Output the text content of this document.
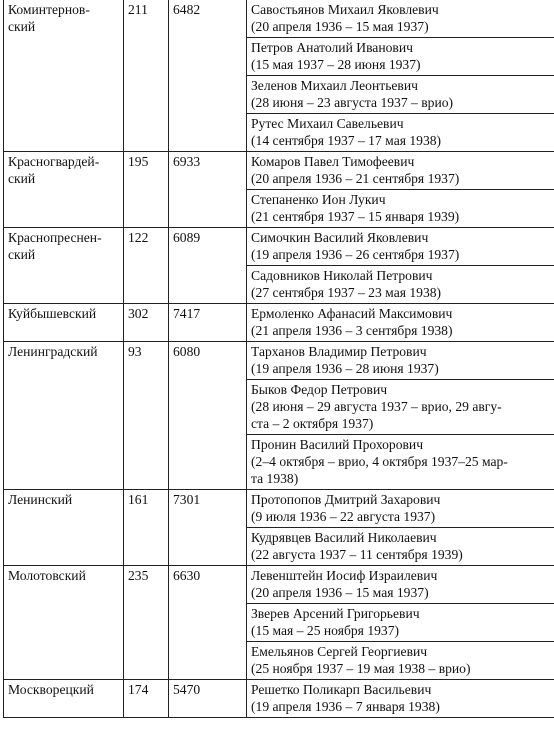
Коминтернов-
ский	211	6482	Савостьянов Михаил Яковлевич
(20 апреля 1936 – 15 мая 1937)
			Петров Анатолий Иванович
(15 мая 1937 – 28 июня 1937)
			Зеленов Михаил Леонтьевич
(28 июня – 23 августа 1937 – врио)
			Рутес Михаил Савельевич
(14 сентября 1937 – 17 мая 1938)
Красногвардей-
ский	195	6933	Комаров Павел Тимофеевич
(20 апреля 1936 – 21 сентября 1937)
			Степаненко Ион Лукич
(21 сентября 1937 – 15 января 1939)
Краснопреснен-
ский	122	6089	Симочкин Василий Яковлевич
(19 апреля 1936 – 26 сентября 1937)
			Садовников Николай Петрович
(27 сентября 1937 – 23 мая 1938)
Куйбышевский	302	7417	Ермоленко Афанасий Максимович
(21 апреля 1936 – 3 сентября 1938)
Ленинградский	93	6080	Тарханов Владимир Петрович
(19 апреля 1936 – 28 июня 1937)
			Быков Федор Петрович
(28 июня – 29 августа 1937 – врио, 29 авгу-
ста – 2 октября 1937)
			Пронин Василий Прохорович
(2–4 октября – врио, 4 октября 1937–25 мар-
та 1938)
Ленинский	161	7301	Протопопов Дмитрий Захарович
(9 июля 1936 – 22 августа 1937)
			Кудрявцев Василий Николаевич
(22 августа 1937 – 11 сентября 1939)
Молотовский	235	6630	Левенштейн Иосиф Израилевич
(20 апреля 1936 – 15 мая 1937)
			Зверев Арсений Григорьевич
(15 мая – 25 ноября 1937)
			Емельянов Сергей Георгиевич
(25 ноября 1937 – 19 мая 1938 – врио)
Москворецкий	174	5470	Решетко Поликарп Васильевич
(19 апреля 1936 – 7 января 1938)
